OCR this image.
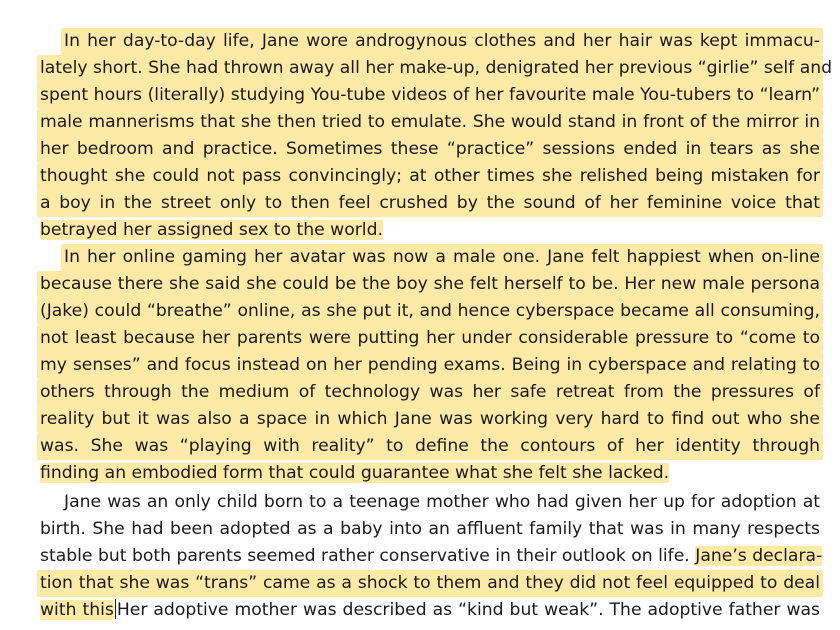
In her day-to-day life, Jane wore androgynous clothes and her hair was kept immacu-
lately short. She had thrown away all her make-up, denigrated her previous “girlie” self and
spent hours (literally) studying You-tube videos of her favourite male You-tubers to “learn”
male mannerisms that she then tried to emulate. She would stand in front of the mirror in
her bedroom and practice. Sometimes these “practice” sessions ended in tears as she
thought she could not pass convincingly; at other times she relished being mistaken for
a boy in the street only to then feel crushed by the sound of her feminine voice that
betrayed her assigned sex to the world.
In her online gaming her avatar was now a male one. Jane felt happiest when on-line
because there she said she could be the boy she felt herself to be. Her new male persona
(Jake) could “breathe” online, as she put it, and hence cyberspace became all consuming,
not least because her parents were putting her under considerable pressure to “come to
my senses” and focus instead on her pending exams. Being in cyberspace and relating to
others through the medium of technology was her safe retreat from the pressures of
reality but it was also a space in which Jane was working very hard to find out who she
was. She was “playing with reality” to define the contours of her identity through
finding an embodied form that could guarantee what she felt she lacked.
Jane was an only child born to a teenage mother who had given her up for adoption at
birth. She had been adopted as a baby into an affluent family that was in many respects
stable but both parents seemed rather conservative in their outlook on life. Jane’s declara-
tion that she was “trans” came as a shock to them and they did not feel equipped to deal
with this Her adoptive mother was described as “kind but weak”. The adoptive father was
